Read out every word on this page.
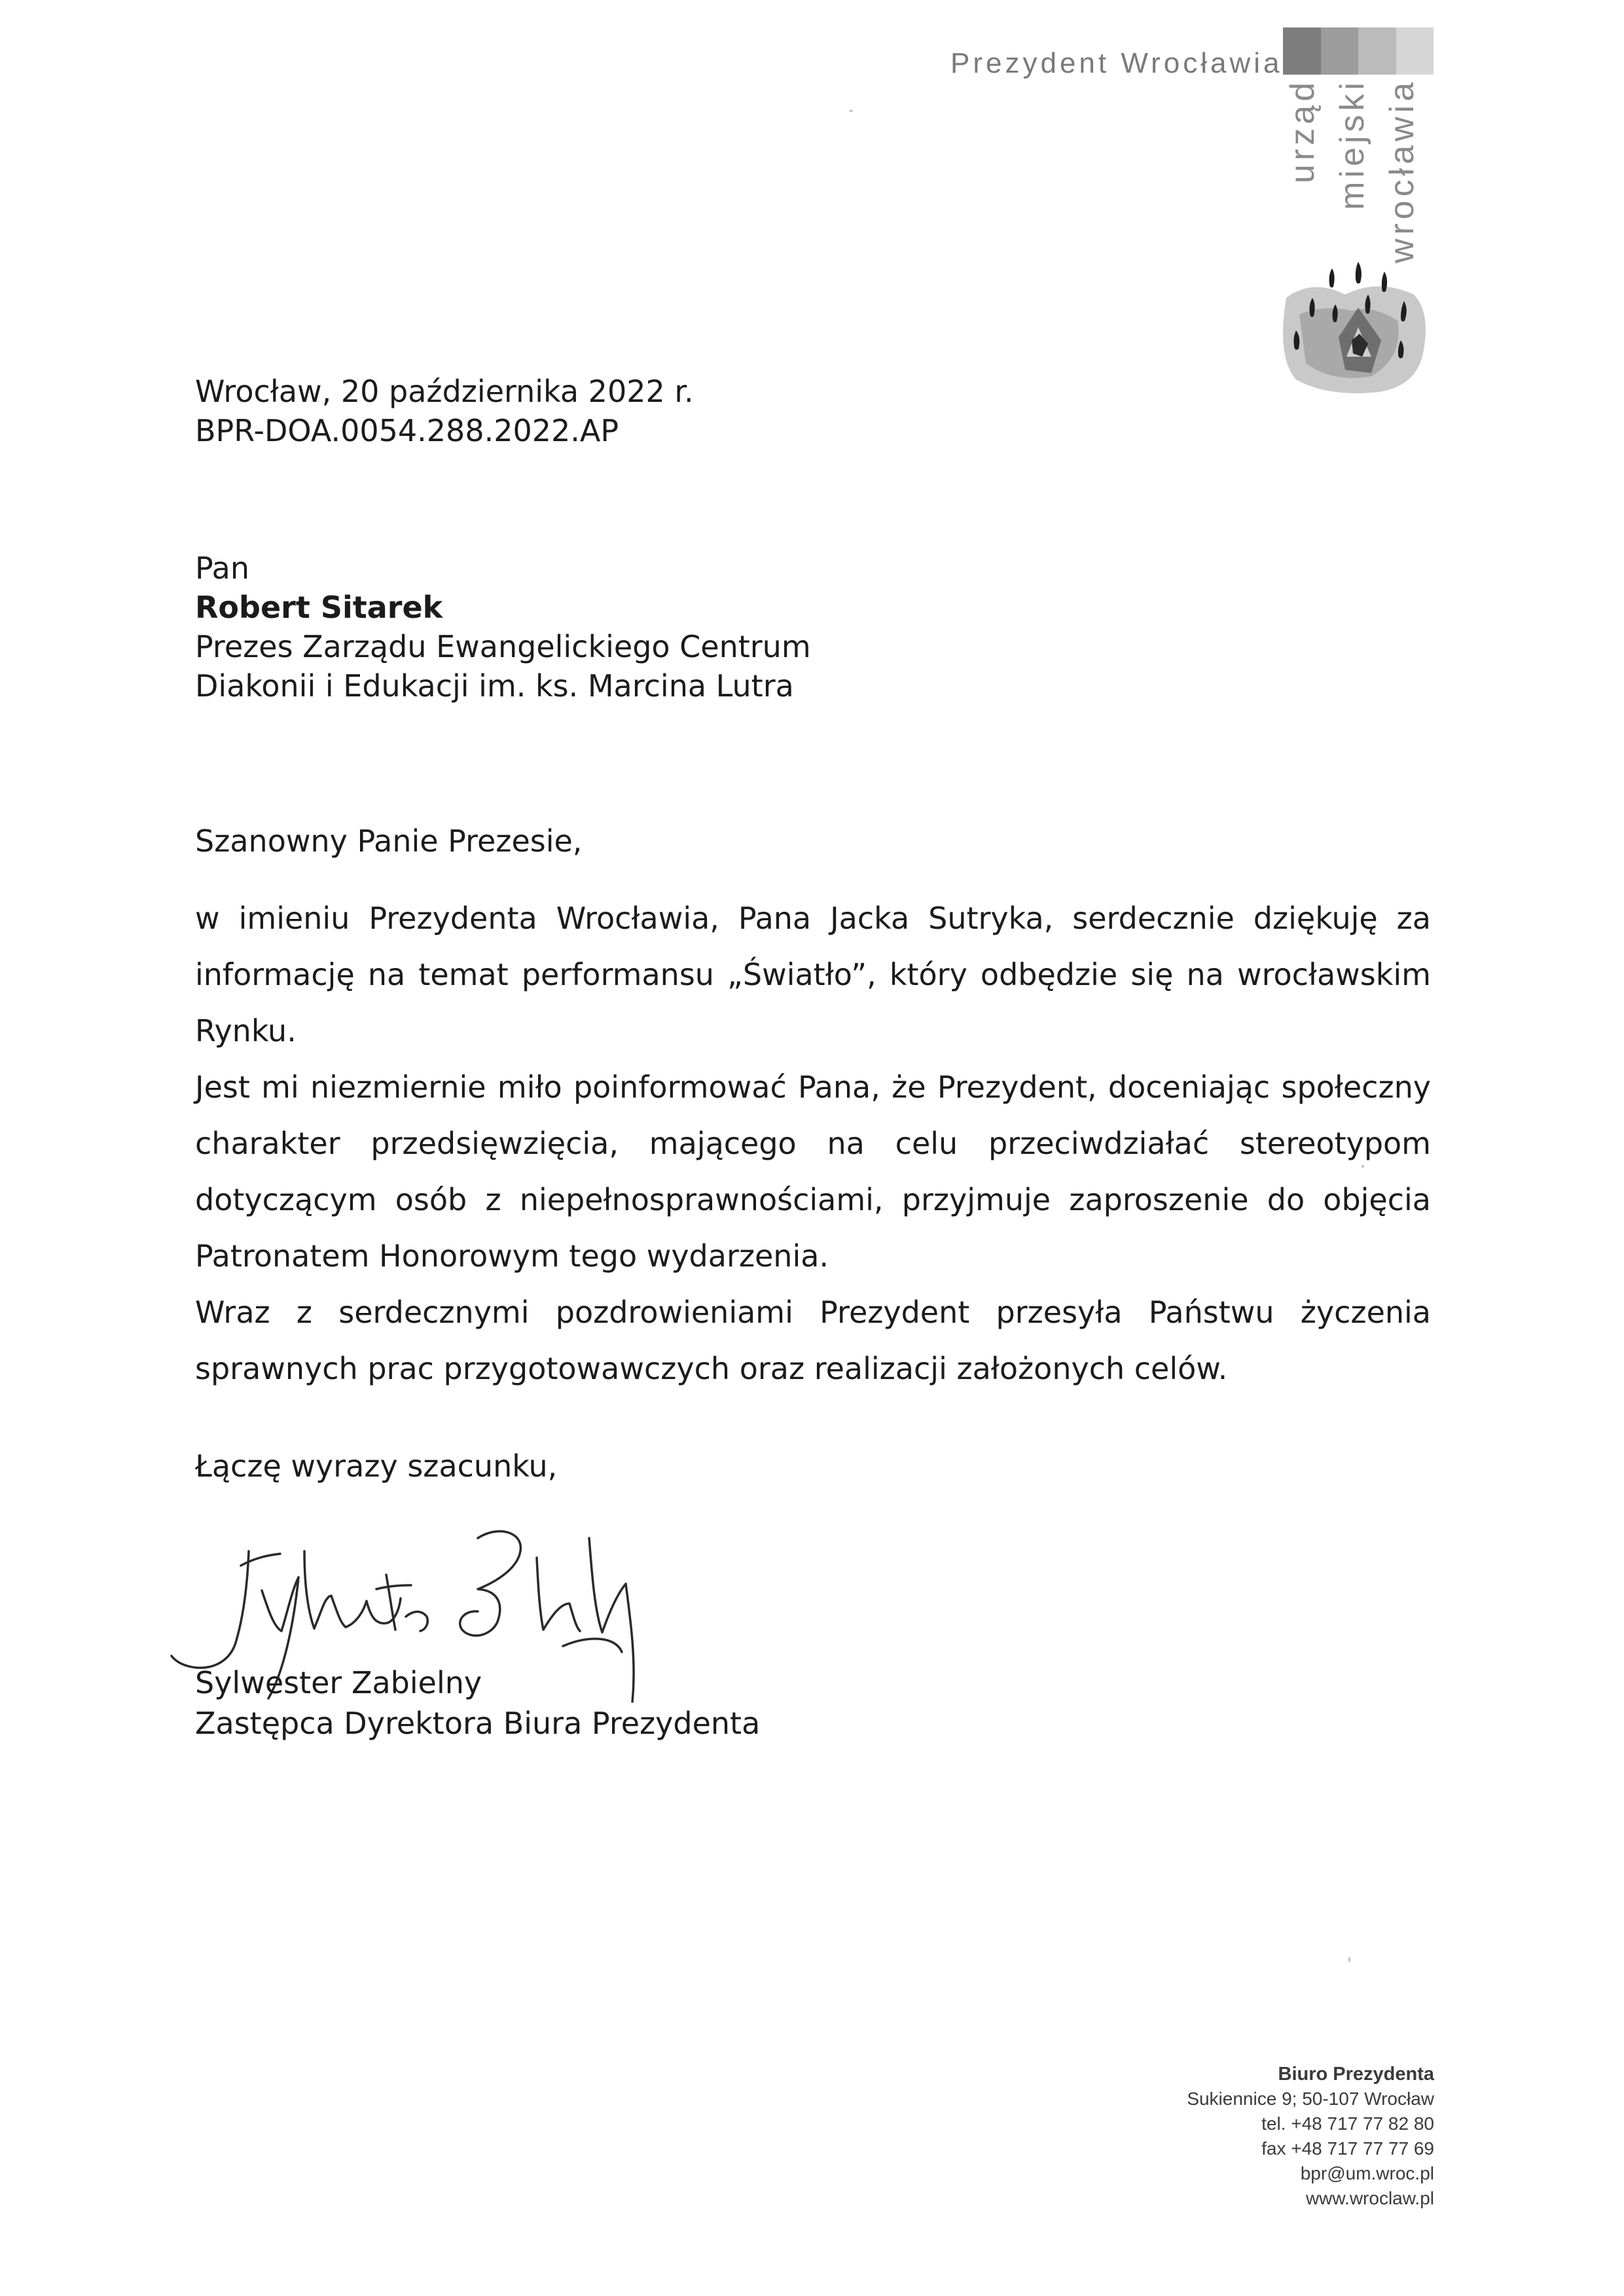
Prezydent Wrocławia
urząd miejski wrocławia
Wrocław, 20 października 2022 r.
BPR-DOA.0054.288.2022.AP
Pan
Robert Sitarek
Prezes Zarządu Ewangelickiego Centrum
Diakonii i Edukacji im. ks. Marcina Lutra
Szanowny Panie Prezesie,
w imieniu Prezydenta Wrocławia, Pana Jacka Sutryka, serdecznie dziękuję za
informację na temat performansu „Światło”, który odbędzie się na wrocławskim
Rynku.
Jest mi niezmiernie miło poinformować Pana, że Prezydent, doceniając społeczny
charakter przedsięwzięcia, mającego na celu przeciwdziałać stereotypom
dotyczącym osób z niepełnosprawnościami, przyjmuje zaproszenie do objęcia
Patronatem Honorowym tego wydarzenia.
Wraz z serdecznymi pozdrowieniami Prezydent przesyła Państwu życzenia
sprawnych prac przygotowawczych oraz realizacji założonych celów.
Łączę wyrazy szacunku,
Sylwester Zabielny
Zastępca Dyrektora Biura Prezydenta
Biuro Prezydenta
Sukiennice 9; 50-107 Wrocław
tel. +48 717 77 82 80
fax +48 717 77 77 69
bpr@um.wroc.pl
www.wroclaw.pl
